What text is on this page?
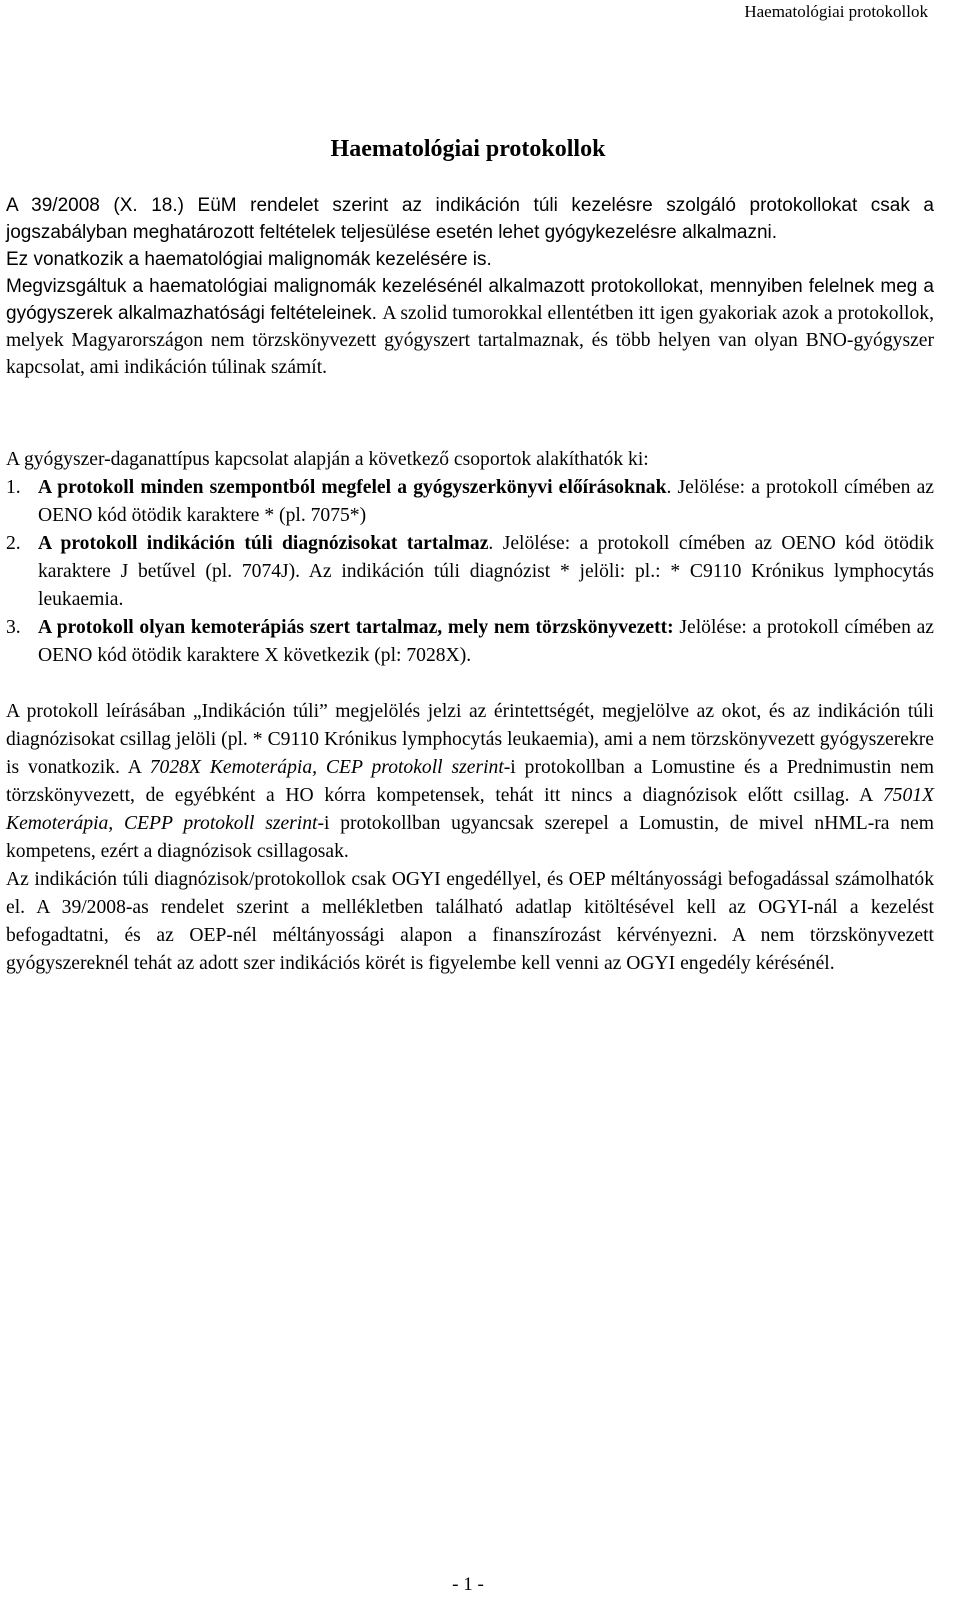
Haematológiai protokollok
Haematológiai protokollok

A 39/2008 (X. 18.) EüM rendelet szerint az indikáción túli kezelésre szolgáló protokollokat csak a jogszabályban meghatározott feltételek teljesülése esetén lehet gyógykezelésre alkalmazni.

Ez vonatkozik a haematológiai malignomák kezelésére is.

Megvizsgáltuk a haematológiai malignomák kezelésénél alkalmazott protokollokat, mennyiben felelnek meg a gyógyszerek alkalmazhatósági feltételeinek. A szolid tumorokkal ellentétben itt igen gyakoriak azok a protokollok, melyek Magyarországon nem törzskönyvezett gyógyszert tartalmaznak, és több helyen van olyan BNO-gyógyszer kapcsolat, ami indikáción túlinak számít.

A gyógyszer-daganattípus kapcsolat alapján a következő csoportok alakíthatók ki:

1. A protokoll minden szempontból megfelel a gyógyszerkönyvi előírásoknak. Jelölése: a protokoll címében az OENO kód ötödik karaktere * (pl. 7075*)
2. A protokoll indikáción túli diagnózisokat tartalmaz. Jelölése: a protokoll címében az OENO kód ötödik karaktere J betűvel (pl. 7074J). Az indikáción túli diagnózist * jelöli: pl.: * C9110 Krónikus lymphocytás leukaemia.
3. A protokoll olyan kemoterápiás szert tartalmaz, mely nem törzskönyvezett: Jelölése: a protokoll címében az OENO kód ötödik karaktere X következik (pl: 7028X).

A protokoll leírásában „Indikáción túli” megjelölés jelzi az érintettségét, megjelölve az okot, és az indikáción túli diagnózisokat csillag jelöli (pl. * C9110 Krónikus lymphocytás leukaemia), ami a nem törzskönyvezett gyógyszerekre is vonatkozik. A 7028X Kemoterápia, CEP protokoll szerint-i protokollban a Lomustine és a Prednimustin nem törzskönyvezett, de egyébként a HO kórra kompetensek, tehát itt nincs a diagnózisok előtt csillag. A 7501X Kemoterápia, CEPP protokoll szerint-i protokollban ugyancsak szerepel a Lomustin, de mivel nHML-ra nem kompetens, ezért a diagnózisok csillagosak.

Az indikáción túli diagnózisok/protokollok csak OGYI engedéllyel, és OEP méltányossági befogadással számolhatók el. A 39/2008-as rendelet szerint a mellékletben található adatlap kitöltésével kell az OGYI-nál a kezelést befogadtatni, és az OEP-nél méltányossági alapon a finanszírozást kérvényezni. A nem törzskönyvezett gyógyszereknél tehát az adott szer indikációs körét is figyelembe kell venni az OGYI engedély kérésénél.

- 1 -
